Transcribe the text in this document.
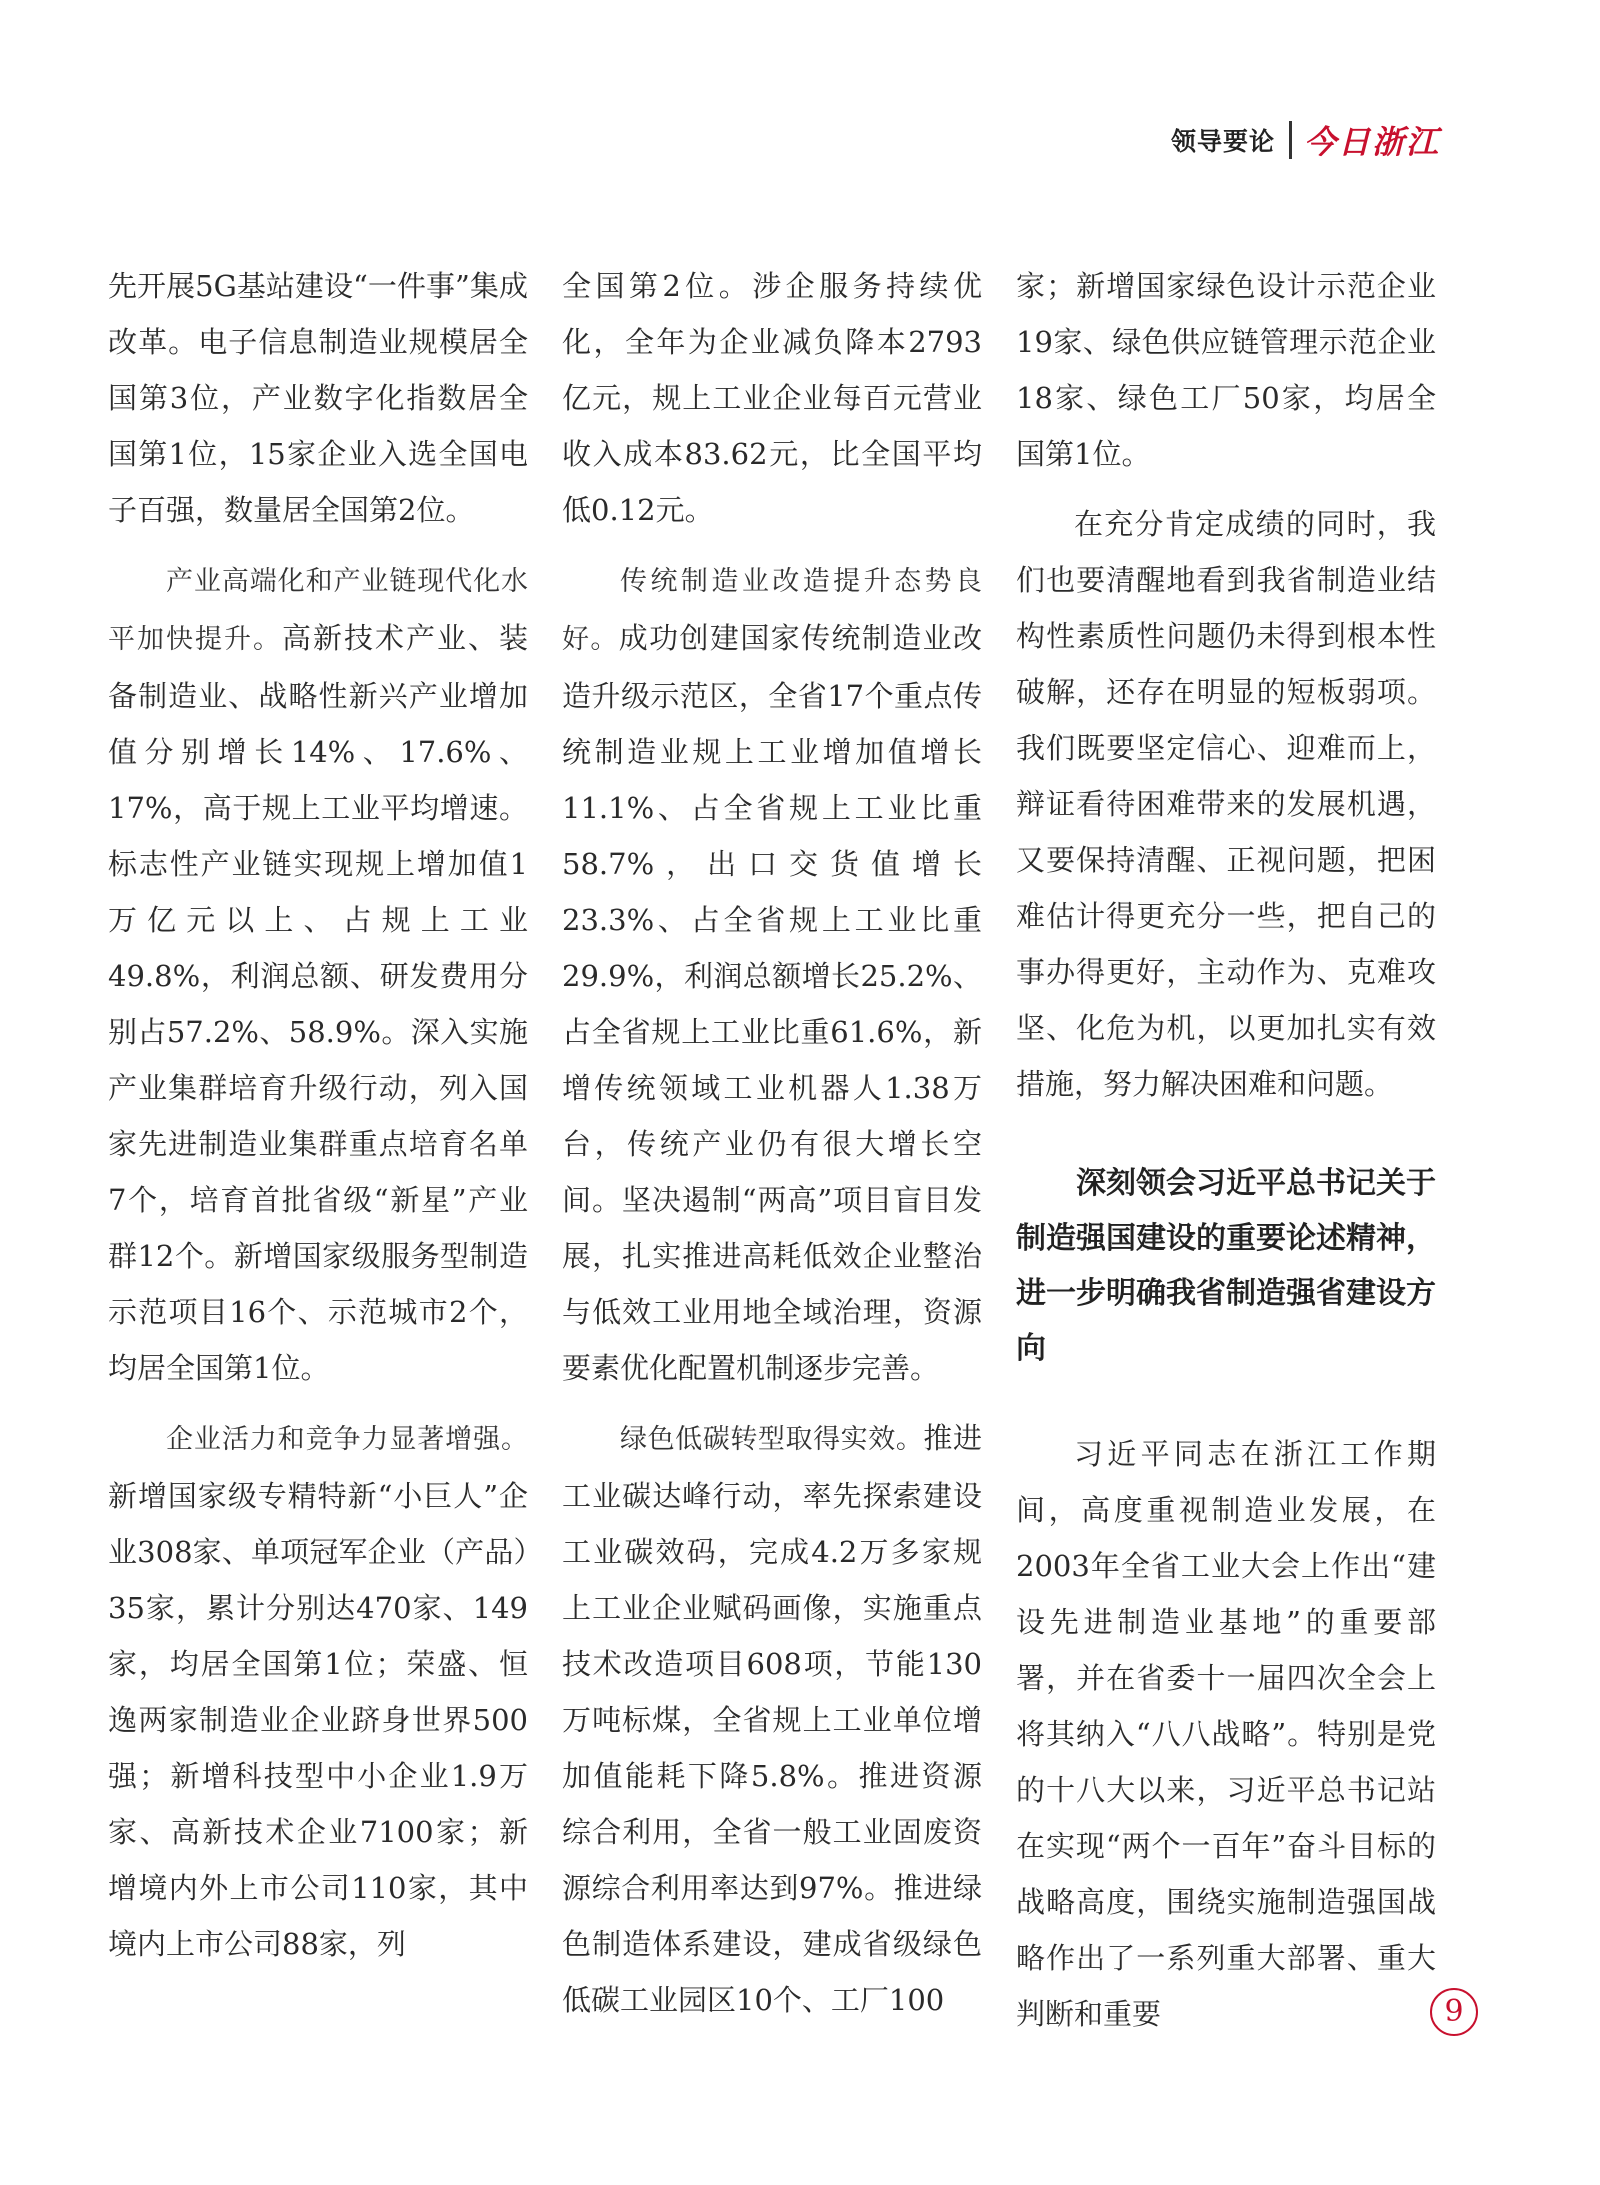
领导要论 今日浙江

先开展5G基站建设“一件事”集成改革。电子信息制造业规模居全国第3位，产业数字化指数居全国第1位，15家企业入选全国电子百强，数量居全国第2位。

产业高端化和产业链现代化水平加快提升。高新技术产业、装备制造业、战略性新兴产业增加值分别增长14%、17.6%、17%，高于规上工业平均增速。标志性产业链实现规上增加值1万亿元以上、占规上工业49.8%，利润总额、研发费用分别占57.2%、58.9%。深入实施产业集群培育升级行动，列入国家先进制造业集群重点培育名单7个，培育首批省级“新星”产业群12个。新增国家级服务型制造示范项目16个、示范城市2个，均居全国第1位。

企业活力和竞争力显著增强。新增国家级专精特新“小巨人”企业308家、单项冠军企业（产品）35家，累计分别达470家、149家，均居全国第1位；荣盛、恒逸两家制造业企业跻身世界500强；新增科技型中小企业1.9万家、高新技术企业7100家；新增境内外上市公司110家，其中境内上市公司88家，列

全国第2位。涉企服务持续优化，全年为企业减负降本2793亿元，规上工业企业每百元营业收入成本83.62元，比全国平均低0.12元。

传统制造业改造提升态势良好。成功创建国家传统制造业改造升级示范区，全省17个重点传统制造业规上工业增加值增长11.1%、占全省规上工业比重58.7%，出口交货值增长23.3%、占全省规上工业比重29.9%，利润总额增长25.2%、占全省规上工业比重61.6%，新增传统领域工业机器人1.38万台，传统产业仍有很大增长空间。坚决遏制“两高”项目盲目发展，扎实推进高耗低效企业整治与低效工业用地全域治理，资源要素优化配置机制逐步完善。

绿色低碳转型取得实效。推进工业碳达峰行动，率先探索建设工业碳效码，完成4.2万多家规上工业企业赋码画像，实施重点技术改造项目608项，节能130万吨标煤，全省规上工业单位增加值能耗下降5.8%。推进资源综合利用，全省一般工业固废资源综合利用率达到97%。推进绿色制造体系建设，建成省级绿色低碳工业园区10个、工厂100

家；新增国家绿色设计示范企业19家、绿色供应链管理示范企业18家、绿色工厂50家，均居全国第1位。

在充分肯定成绩的同时，我们也要清醒地看到我省制造业结构性素质性问题仍未得到根本性破解，还存在明显的短板弱项。我们既要坚定信心、迎难而上，辩证看待困难带来的发展机遇，又要保持清醒、正视问题，把困难估计得更充分一些，把自己的事办得更好，主动作为、克难攻坚、化危为机，以更加扎实有效措施，努力解决困难和问题。

深刻领会习近平总书记关于制造强国建设的重要论述精神，进一步明确我省制造强省建设方向

习近平同志在浙江工作期间，高度重视制造业发展，在2003年全省工业大会上作出“建设先进制造业基地”的重要部署，并在省委十一届四次全会上将其纳入“八八战略”。特别是党的十八大以来，习近平总书记站在实现“两个一百年”奋斗目标的战略高度，围绕实施制造强国战略作出了一系列重大部署、重大判断和重要	9
